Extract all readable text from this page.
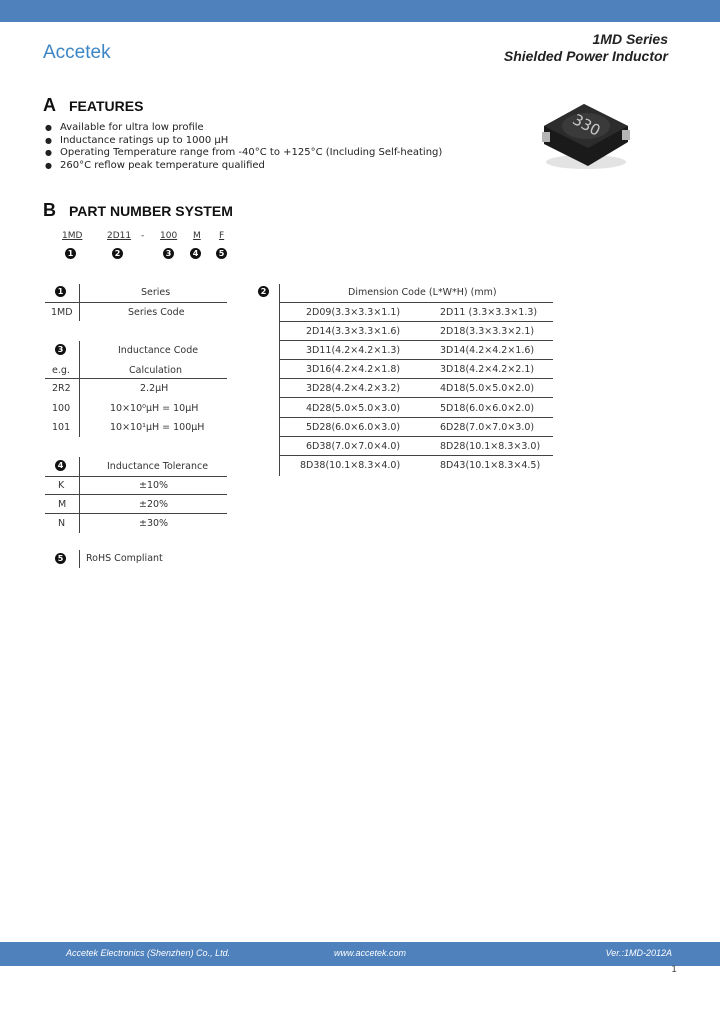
Accetek
1MD Series
Shielded Power Inductor
A FEATURES
● Available for ultra low profile
● Inductance ratings up to 1000 µH
● Operating Temperature range from -40°C to +125°C (Including Self-heating)
● 260°C reflow peak temperature qualified
330
B PART NUMBER SYSTEM
1MD	2D11 - 100 M F
1	2	3	4	5
1	Series
1MD	Series Code
3	Inductance Code
e.g.	Calculation
2R2	2.2µH
100	10×10⁰µH = 10µH
101	10×10¹µH = 100µH
4	Inductance Tolerance
K	±10%
M	±20%
N	±30%
5 RoHS Compliant
2	Dimension Code (L*W*H) (mm)
2D09(3.3×3.3×1.1)	2D11 (3.3×3.3×1.3)
2D14(3.3×3.3×1.6)	2D18(3.3×3.3×2.1)
3D11(4.2×4.2×1.3)	3D14(4.2×4.2×1.6)
3D16(4.2×4.2×1.8)	3D18(4.2×4.2×2.1)
3D28(4.2×4.2×3.2)	4D18(5.0×5.0×2.0)
4D28(5.0×5.0×3.0)	5D18(6.0×6.0×2.0)
5D28(6.0×6.0×3.0)	6D28(7.0×7.0×3.0)
6D38(7.0×7.0×4.0)	8D28(10.1×8.3×3.0)
8D38(10.1×8.3×4.0)	8D43(10.1×8.3×4.5)
Accetek Electronics (Shenzhen) Co., Ltd.	www.accetek.com	Ver.:1MD-2012A
1
